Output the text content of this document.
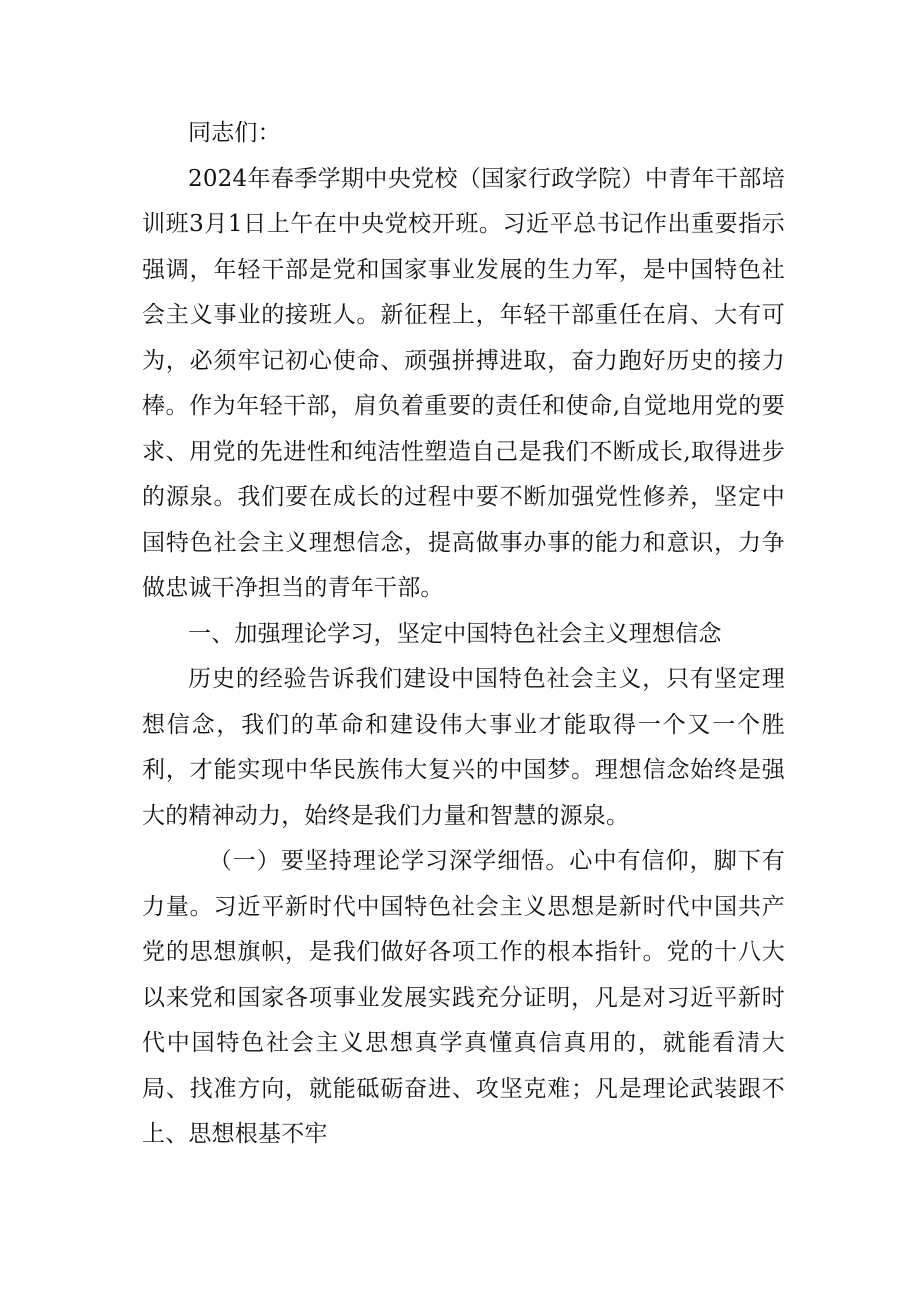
同志们：

2024年春季学期中央党校（国家行政学院）中青年干部培训班3月1日上午在中央党校开班。习近平总书记作出重要指示强调，年轻干部是党和国家事业发展的生力军，是中国特色社会主义事业的接班人。新征程上，年轻干部重任在肩、大有可为，必须牢记初心使命、顽强拼搏进取，奋力跑好历史的接力棒。作为年轻干部，肩负着重要的责任和使命,自觉地用党的要求、用党的先进性和纯洁性塑造自己是我们不断成长,取得进步的源泉。我们要在成长的过程中要不断加强党性修养，坚定中国特色社会主义理想信念，提高做事办事的能力和意识，力争做忠诚干净担当的青年干部。

一、加强理论学习，坚定中国特色社会主义理想信念

历史的经验告诉我们建设中国特色社会主义，只有坚定理想信念，我们的革命和建设伟大事业才能取得一个又一个胜利，才能实现中华民族伟大复兴的中国梦。理想信念始终是强大的精神动力，始终是我们力量和智慧的源泉。

（一）要坚持理论学习深学细悟。心中有信仰，脚下有力量。习近平新时代中国特色社会主义思想是新时代中国共产党的思想旗帜，是我们做好各项工作的根本指针。党的十八大以来党和国家各项事业发展实践充分证明，凡是对习近平新时代中国特色社会主义思想真学真懂真信真用的，就能看清大局、找准方向，就能砥砺奋进、攻坚克难；凡是理论武装跟不上、思想根基不牢
